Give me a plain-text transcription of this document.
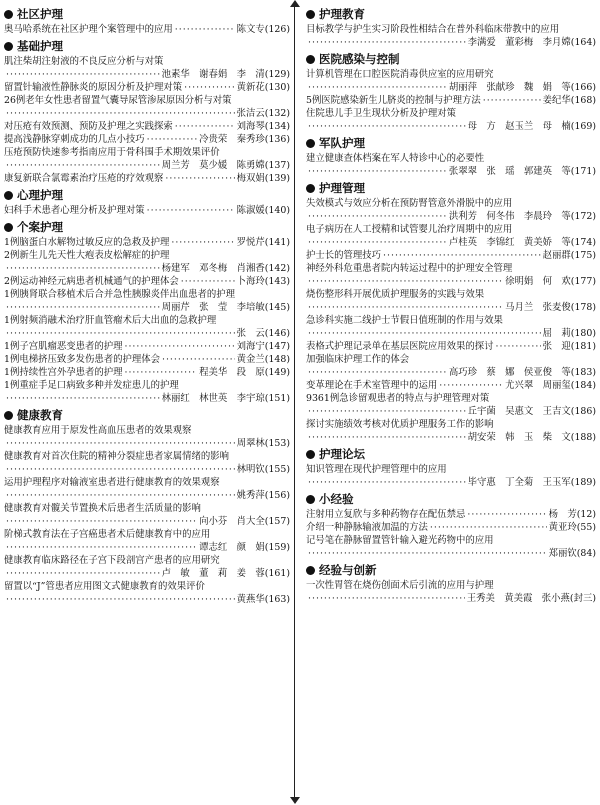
社区护理
奥马哈系统在社区护理个案管理中的应用 ·····	陈文专 (126)
基础护理
肌注柴胡注射液的不良反应分析与对策
·····
池素华　谢春娟　李　清 (129)
留置针输液性静脉炎的原因分析及护理对策 ·····	黄新花 (130)
26例老年女性患者留置气囊导尿管渗尿原因分析与对策
·····
张洁云 (132)
对压疮有效预测、预防及护理之实践探索 ·····	刘海琴 (134)
提高浅静脉穿刺成功的几点小技巧 ·····	冷贵荣　秦秀珍 (136)
压疮预防快速参考指南应用于骨科围手术期效果评价
·····
周兰芳　莫少媛　陈勇嫦 (137)
康复新联合氯霉素治疗压疮的疗效观察 ·····	梅双娟 (139)
心理护理
妇科手术患者心理分析及护理对策 ·····	陈淑媛 (140)
个案护理
1例脑蛋白水解物过敏反应的急救及护理 ·····	罗悦芹 (141)
2例新生儿先天性大疱表皮松解症的护理
·····
杨建军　邓冬梅　肖湘香 (142)
2例运动神经元病患者机械通气的护理体会 ·····	卜海玲 (143)
1例胰肾联合移植术后合并急性胰腺炎伴出血患者的护理
·····
周丽芹　张　莹　李培敏 (145)
1例射频消融术治疗肝血管瘤术后大出血的急救护理
·····
张　云 (146)
1例子宫肌瘤恶变患者的护理 ·····	刘海宁 (147)
1例电梯挤压致多发伤患者的护理体会 ·····	黄金兰 (148)
1例持续性宫外孕患者的护理 ·····	程美华　段　原 (149)
1例重症手足口病致多种并发症患儿的护理
·····
林丽红　林世英　李宇琼 (151)
健康教育
健康教育应用于原发性高血压患者的效果观察
·····
周翠林 (153)
健康教育对首次住院的精神分裂症患者家属情绪的影响
·····
林明钦 (155)
运用护理程序对输液室患者进行健康教育的效果观察
·····
姚秀萍 (156)
健康教育对髋关节置换术后患者生活质量的影响
·····
向小芬　肖大全 (157)
阶梯式教育法在子宫癌患者术后健康教育中的应用
·····
谭志红　颜　娟 (159)
健康教育临床路径在子宫下段剖宫产患者的应用研究
·····
卢　敏　董　莉　姜　蓉 (161)
留置以“J”管患者应用图文式健康教育的效果评价
·····
黄燕华 (163)
护理教育
目标教学与护生实习阶段性相结合在普外科临床带教中的应用
·····
李满爱　董彩梅　李月嫦 (164)
医院感染与控制
计算机管理在口腔医院消毒供应室的应用研究
·····
胡丽萍　张献珍　魏　娟　等 (166)
5例医院感染新生儿脐炎的控制与护理方法 ·····	姜纪华 (168)
住院患儿手卫生现状分析及护理对策
·····
母　方　赵玉兰　母　楠 (169)
军队护理
建立健康查体档案在军人特诊中心的必要性
·····
张翠翠　张　瑶　郭建英　等 (171)
护理管理
失效模式与效应分析在预防腎管意外滑脱中的应用
·····
洪利芳　何冬伟　李晨玲　等 (172)
电子病历在人工授精和试管婴儿治疗周期中的应用
·····
卢桂英　李锦红　黄美娇　等 (174)
护士长的管理技巧 ·····	赵丽群 (175)
神经外科危重患者院内转运过程中的护理安全管理
·····
徐明娟　何　欢 (177)
烧伤整形科开展优质护理服务的实践与效果
·····
马月兰　张麦俊 (178)
急诊科实施二线护士节假日值班制的作用与效果
·····
屈　莉 (180)
表格式护理记录单在基层医院应用效果的探讨 ·····	张　迎 (181)
加强临床护理工作的体会
·····
高巧珍　蔡　娜　侯亚俊　等 (183)
变革理论在手术室管理中的运用 ·····	尤兴翠　周丽玺 (184)
9361例急诊留观患者的特点与护理管理对策
·····
丘宇菌　吴惠文　王吉文 (186)
探讨实施绩效考核对优质护理服务工作的影响
·····
胡安荣　韩　玉　柴　文 (188)
护理论坛
知识管理在现代护理管理中的应用
·····
毕守惠　丁全菊　王玉军 (189)
小经验
注射用立复欣与多种药物存在配伍禁忌 ·····	杨　芳 (12)
介绍一种静脉输液加温的方法 ·····	黄亚玲 (55)
记号笔在静脉留置管针输入避光药物中的应用
·····
郑丽钦 (84)
经验与创新
一次性胃管在烧伤创面术后引流的应用与护理
·····
王秀美　黄美霞　张小燕 (封三)
